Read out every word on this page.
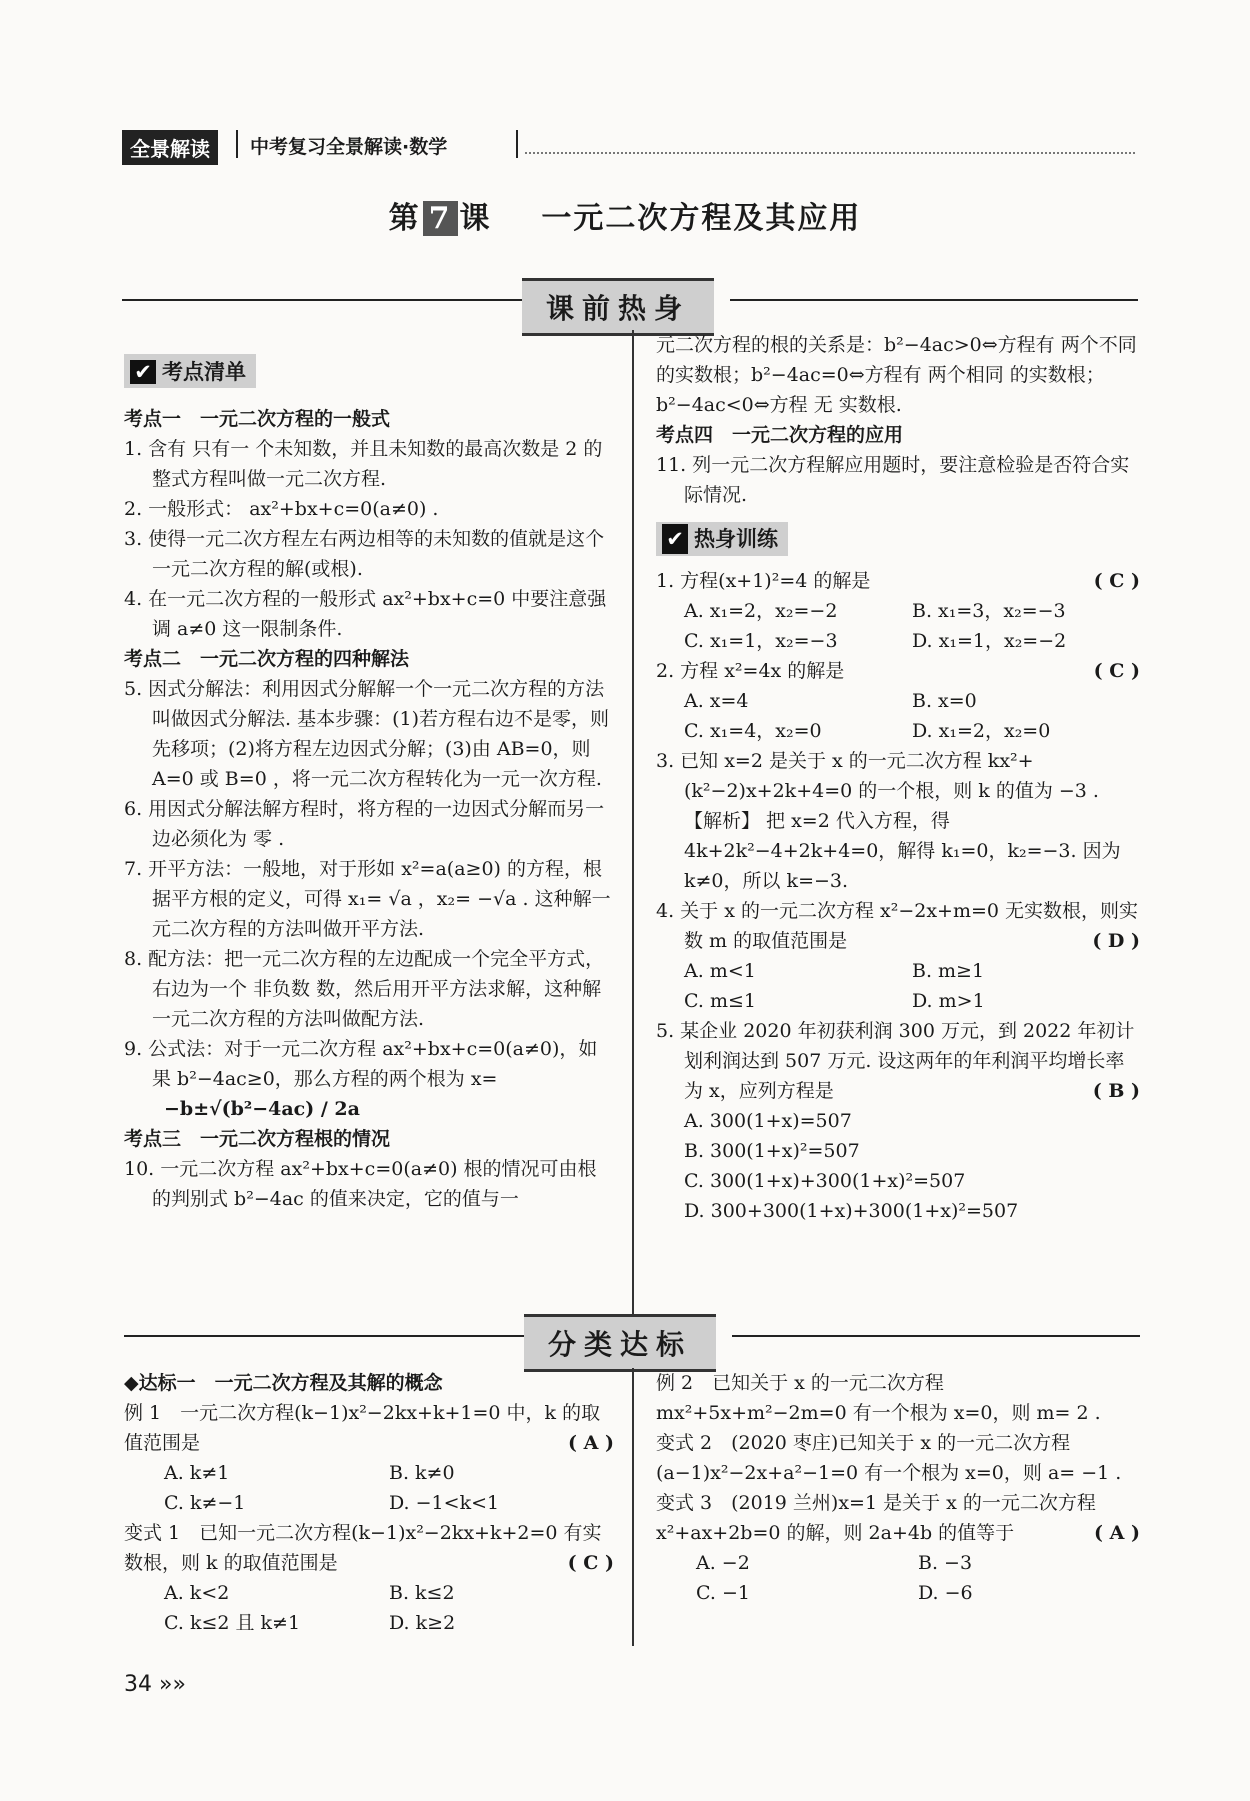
全景解读	中考复习全景解读·数学
第 7 课 一元二次方程及其应用
课前热身
✔ 考点清单

考点一　一元二次方程的一般式

1. 含有 只有一 个未知数，并且未知数的最高次数是 2 的整式方程叫做一元二次方程.

2. 一般形式： ax²+bx+c=0(a≠0) .

3. 使得一元二次方程左右两边相等的未知数的值就是这个一元二次方程的解(或根).

4. 在一元二次方程的一般形式 ax²+bx+c=0 中要注意强调 a≠0 这一限制条件.

考点二　一元二次方程的四种解法

5. 因式分解法：利用因式分解解一个一元二次方程的方法叫做因式分解法. 基本步骤：(1)若方程右边不是零，则先移项；(2)将方程左边因式分解；(3)由 AB=0，则 A=0 或 B=0 ，将一元二次方程转化为一元一次方程.

6. 用因式分解法解方程时，将方程的一边因式分解而另一边必须化为 零 .

7. 开平方法：一般地，对于形如 x²=a(a≥0) 的方程，根据平方根的定义，可得 x₁= √a ，x₂= −√a . 这种解一元二次方程的方法叫做开平方法.

8. 配方法：把一元二次方程的左边配成一个完全平方式，右边为一个 非负数 数，然后用开平方法求解，这种解一元二次方程的方法叫做配方法.

9. 公式法：对于一元二次方程 ax²+bx+c=0(a≠0)，如果 b²−4ac≥0，那么方程的两个根为 x=

−b±√(b²−4ac) / 2a

考点三　一元二次方程根的情况

10. 一元二次方程 ax²+bx+c=0(a≠0) 根的情况可由根的判别式 b²−4ac 的值来决定，它的值与一

元二次方程的根的关系是：b²−4ac>0⇔方程有 两个不同 的实数根；b²−4ac=0⇔方程有 两个相同 的实数根；b²−4ac<0⇔方程 无 实数根.

考点四　一元二次方程的应用

11. 列一元二次方程解应用题时，要注意检验是否符合实际情况.

✔ 热身训练

1. 方程(x+1)²=4 的解是	( C )

A. x₁=2，x₂=−2	B. x₁=3，x₂=−3
C. x₁=1，x₂=−3	D. x₁=1，x₂=−2

2. 方程 x²=4x 的解是	( C )

A. x=4	B. x=0
C. x₁=4，x₂=0	D. x₁=2，x₂=0

3. 已知 x=2 是关于 x 的一元二次方程 kx²+(k²−2)x+2k+4=0 的一个根，则 k 的值为 −3 .

【解析】 把 x=2 代入方程，得 4k+2k²−4+2k+4=0，解得 k₁=0，k₂=−3. 因为 k≠0，所以 k=−3.

4. 关于 x 的一元二次方程 x²−2x+m=0 无实数根，则实数 m 的取值范围是	( D )

A. m<1	B. m≥1
C. m≤1	D. m>1

5. 某企业 2020 年初获利润 300 万元，到 2022 年初计划利润达到 507 万元. 设这两年的年利润平均增长率为 x，应列方程是	( B )

A. 300(1+x)=507

B. 300(1+x)²=507

C. 300(1+x)+300(1+x)²=507

D. 300+300(1+x)+300(1+x)²=507

分类达标

◆达标一　一元二次方程及其解的概念

例 1　一元二次方程(k−1)x²−2kx+k+1=0 中，k 的取值范围是	( A )

A. k≠1	B. k≠0
C. k≠−1	D. −1<k<1

变式 1　已知一元二次方程(k−1)x²−2kx+k+2=0 有实数根，则 k 的取值范围是	( C )

A. k<2	B. k≤2
C. k≤2 且 k≠1	D. k≥2

例 2　已知关于 x 的一元二次方程 mx²+5x+m²−2m=0 有一个根为 x=0，则 m= 2 .

变式 2　(2020 枣庄)已知关于 x 的一元二次方程(a−1)x²−2x+a²−1=0 有一个根为 x=0，则 a= −1 .

变式 3　(2019 兰州)x=1 是关于 x 的一元二次方程 x²+ax+2b=0 的解，则 2a+4b 的值等于	( A )

A. −2	B. −3
C. −1	D. −6
34 »»
